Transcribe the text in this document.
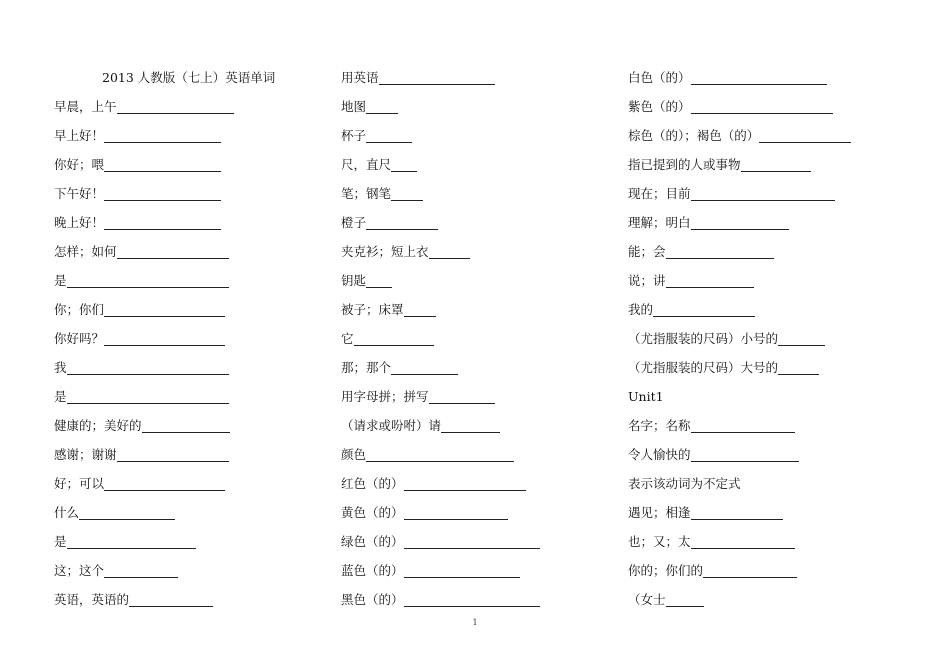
2013 人教版（七上）英语单词
早晨，上午
早上好！
你好；喂
下午好！
晚上好！
怎样；如何
是
你；你们
你好吗？
我
是
健康的；美好的
感谢；谢谢
好；可以
什么
是
这；这个
英语，英语的
用英语
地图
杯子
尺，直尺
笔；钢笔
橙子
夹克衫；短上衣
钥匙
被子；床罩
它
那；那个
用字母拼；拼写
（请求或吩咐）请
颜色
红色（的）
黄色（的）
绿色（的）
蓝色（的）
黑色（的）
白色（的）
紫色（的）
棕色（的）；褐色（的）
指已提到的人或事物
现在；目前
理解；明白
能；会
说；讲
我的
（尤指服装的尺码）小号的
（尤指服装的尺码）大号的
Unit1
名字；名称
令人愉快的
表示该动词为不定式
遇见；相逢
也；又；太
你的；你们的
（女士
1
